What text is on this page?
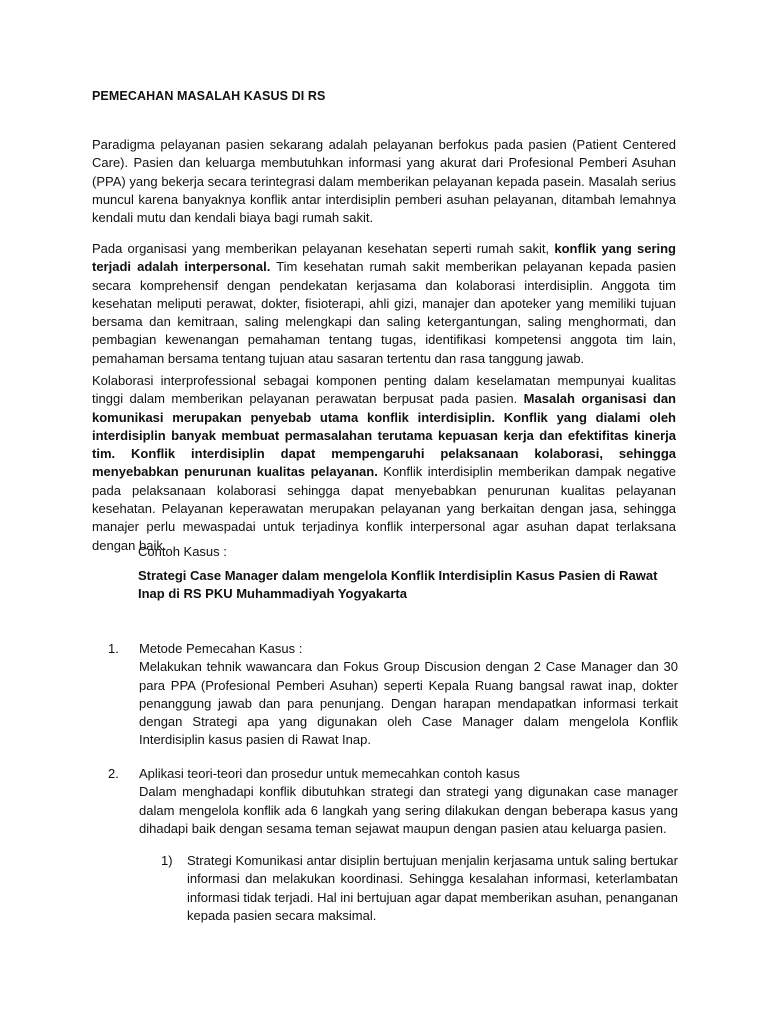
PEMECAHAN MASALAH KASUS DI RS
Paradigma pelayanan pasien sekarang adalah pelayanan berfokus pada pasien (Patient Centered Care). Pasien dan keluarga membutuhkan informasi yang akurat dari Profesional Pemberi Asuhan (PPA) yang bekerja secara terintegrasi dalam memberikan pelayanan kepada pasein. Masalah serius muncul karena banyaknya konflik antar interdisiplin pemberi asuhan pelayanan, ditambah lemahnya kendali mutu dan kendali biaya bagi rumah sakit.
Pada organisasi yang memberikan pelayanan kesehatan seperti rumah sakit, konflik yang sering terjadi adalah interpersonal. Tim kesehatan rumah sakit memberikan pelayanan kepada pasien secara komprehensif dengan pendekatan kerjasama dan kolaborasi interdisiplin. Anggota tim kesehatan meliputi perawat, dokter, fisioterapi, ahli gizi, manajer dan apoteker yang memiliki tujuan bersama dan kemitraan, saling melengkapi dan saling ketergantungan, saling menghormati, dan pembagian kewenangan pemahaman tentang tugas, identifikasi kompetensi anggota tim lain, pemahaman bersama tentang tujuan atau sasaran tertentu dan rasa tanggung jawab.
Kolaborasi interprofessional sebagai komponen penting dalam keselamatan mempunyai kualitas tinggi dalam memberikan pelayanan perawatan berpusat pada pasien. Masalah organisasi dan komunikasi merupakan penyebab utama konflik interdisiplin. Konflik yang dialami oleh interdisiplin banyak membuat permasalahan terutama kepuasan kerja dan efektifitas kinerja tim. Konflik interdisiplin dapat mempengaruhi pelaksanaan kolaborasi, sehingga menyebabkan penurunan kualitas pelayanan. Konflik interdisiplin memberikan dampak negative pada pelaksanaan kolaborasi sehingga dapat menyebabkan penurunan kualitas pelayanan kesehatan. Pelayanan keperawatan merupakan pelayanan yang berkaitan dengan jasa, sehingga manajer perlu mewaspadai untuk terjadinya konflik interpersonal agar asuhan dapat terlaksana dengan baik.
Contoh Kasus :
Strategi Case Manager dalam mengelola Konflik Interdisiplin Kasus Pasien di Rawat Inap di RS PKU Muhammadiyah Yogyakarta
1. Metode Pemecahan Kasus :
Melakukan tehnik wawancara dan Fokus Group Discusion dengan 2 Case Manager dan 30 para PPA (Profesional Pemberi Asuhan) seperti Kepala Ruang bangsal rawat inap, dokter penanggung jawab dan para penunjang. Dengan harapan mendapatkan informasi terkait dengan Strategi apa yang digunakan oleh Case Manager dalam mengelola Konflik Interdisiplin kasus pasien di Rawat Inap.
2. Aplikasi teori-teori dan prosedur untuk memecahkan contoh kasus
Dalam menghadapi konflik dibutuhkan strategi dan strategi yang digunakan case manager dalam mengelola konflik ada 6 langkah yang sering dilakukan dengan beberapa kasus yang dihadapi baik dengan sesama teman sejawat maupun dengan pasien atau keluarga pasien.
1) Strategi Komunikasi antar disiplin bertujuan menjalin kerjasama untuk saling bertukar informasi dan melakukan koordinasi. Sehingga kesalahan informasi, keterlambatan informasi tidak terjadi. Hal ini bertujuan agar dapat memberikan asuhan, penanganan kepada pasien secara maksimal.
